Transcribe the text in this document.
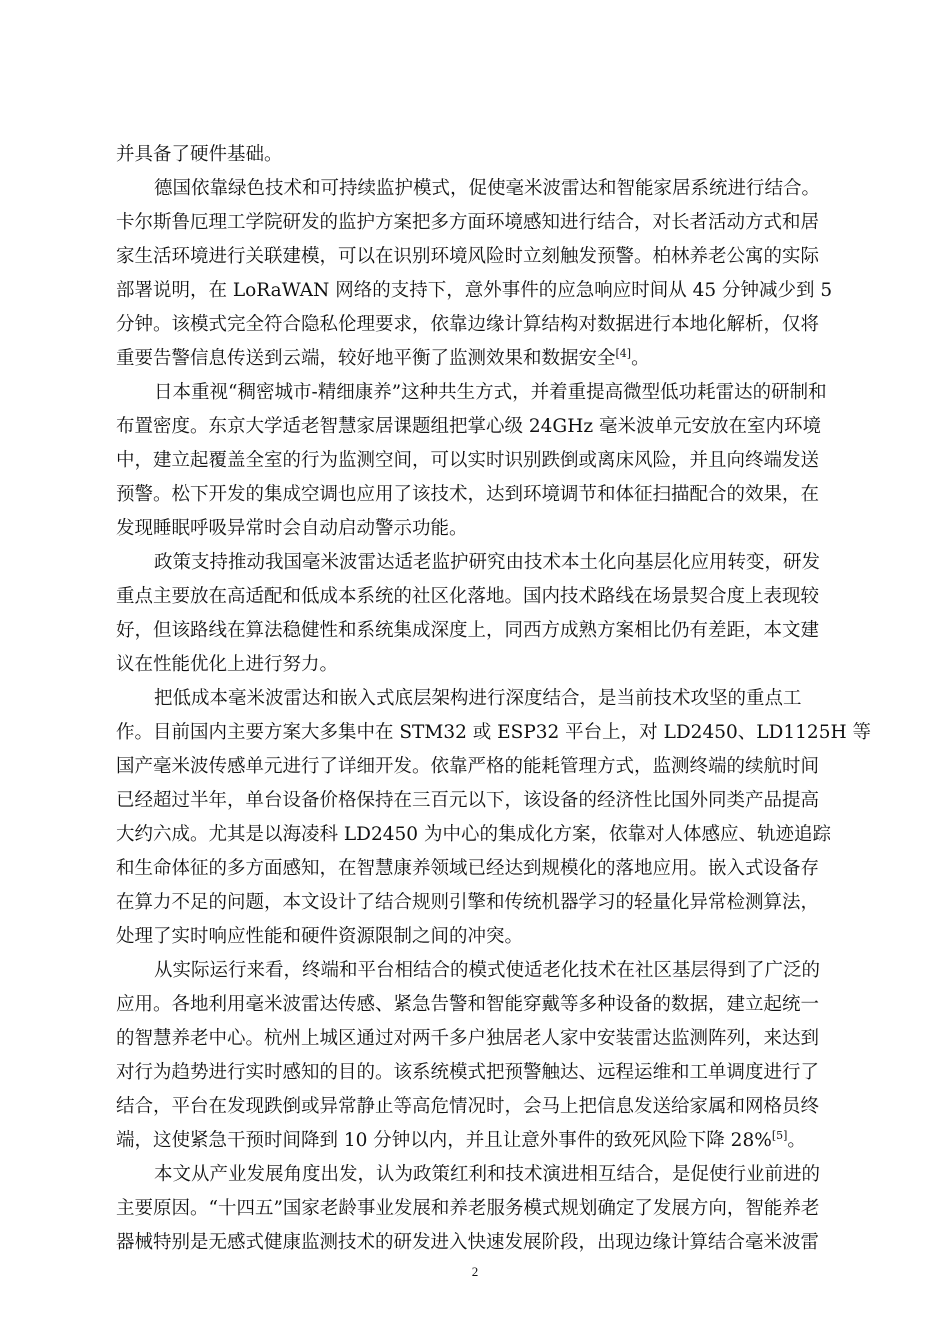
并具备了硬件基础。
德国依靠绿色技术和可持续监护模式，促使毫米波雷达和智能家居系统进行结合。
卡尔斯鲁厄理工学院研发的监护方案把多方面环境感知进行结合，对长者活动方式和居
家生活环境进行关联建模，可以在识别环境风险时立刻触发预警。柏林养老公寓的实际
部署说明，在 LoRaWAN 网络的支持下，意外事件的应急响应时间从 45 分钟减少到 5
分钟。该模式完全符合隐私伦理要求，依靠边缘计算结构对数据进行本地化解析，仅将
重要告警信息传送到云端，较好地平衡了监测效果和数据安全[4]。
日本重视“稠密城市-精细康养”这种共生方式，并着重提高微型低功耗雷达的研制和
布置密度。东京大学适老智慧家居课题组把掌心级 24GHz 毫米波单元安放在室内环境
中，建立起覆盖全室的行为监测空间，可以实时识别跌倒或离床风险，并且向终端发送
预警。松下开发的集成空调也应用了该技术，达到环境调节和体征扫描配合的效果，在
发现睡眠呼吸异常时会自动启动警示功能。
政策支持推动我国毫米波雷达适老监护研究由技术本土化向基层化应用转变，研发
重点主要放在高适配和低成本系统的社区化落地。国内技术路线在场景契合度上表现较
好，但该路线在算法稳健性和系统集成深度上，同西方成熟方案相比仍有差距，本文建
议在性能优化上进行努力。
把低成本毫米波雷达和嵌入式底层架构进行深度结合，是当前技术攻坚的重点工
作。目前国内主要方案大多集中在 STM32 或 ESP32 平台上，对 LD2450、LD1125H 等
国产毫米波传感单元进行了详细开发。依靠严格的能耗管理方式，监测终端的续航时间
已经超过半年，单台设备价格保持在三百元以下，该设备的经济性比国外同类产品提高
大约六成。尤其是以海凌科 LD2450 为中心的集成化方案，依靠对人体感应、轨迹追踪
和生命体征的多方面感知，在智慧康养领域已经达到规模化的落地应用。嵌入式设备存
在算力不足的问题，本文设计了结合规则引擎和传统机器学习的轻量化异常检测算法，
处理了实时响应性能和硬件资源限制之间的冲突。
从实际运行来看，终端和平台相结合的模式使适老化技术在社区基层得到了广泛的
应用。各地利用毫米波雷达传感、紧急告警和智能穿戴等多种设备的数据，建立起统一
的智慧养老中心。杭州上城区通过对两千多户独居老人家中安装雷达监测阵列，来达到
对行为趋势进行实时感知的目的。该系统模式把预警触达、远程运维和工单调度进行了
结合，平台在发现跌倒或异常静止等高危情况时，会马上把信息发送给家属和网格员终
端，这使紧急干预时间降到 10 分钟以内，并且让意外事件的致死风险下降 28%[5]。
本文从产业发展角度出发，认为政策红利和技术演进相互结合，是促使行业前进的
主要原因。“十四五”国家老龄事业发展和养老服务模式规划确定了发展方向，智能养老
器械特别是无感式健康监测技术的研发进入快速发展阶段，出现边缘计算结合毫米波雷
2
